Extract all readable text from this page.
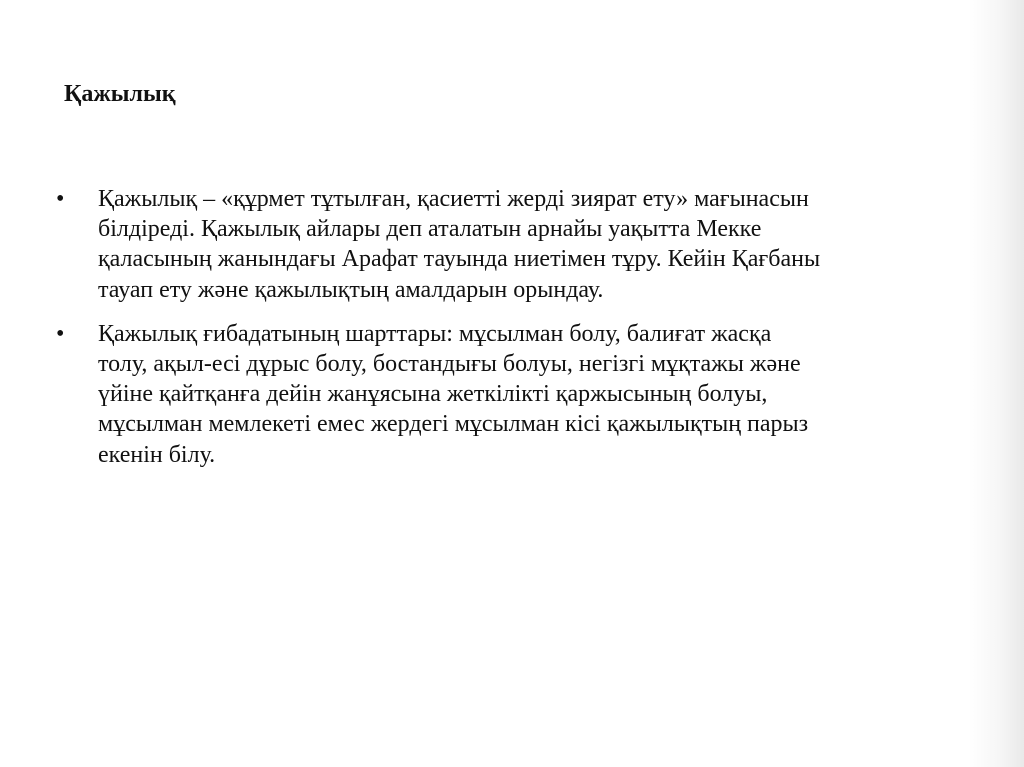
Қажылық
•	Қажылық – «құрмет тұтылған, қасиетті жерді зиярат ету» мағынасын
білдіреді. Қажылық айлары деп аталатын арнайы уақытта Мекке
қаласының жанындағы Арафат тауында ниетімен тұру. Кейін Қағбаны
тауап ету және қажылықтың амалдарын орындау.
•	Қажылық ғибадатының шарттары: мұсылман болу, балиғат жасқа
толу, ақыл-есі дұрыс болу, бостандығы болуы, негізгі мұқтажы және
үйіне қайтқанға дейін жанұясына жеткілікті қаржысының болуы,
мұсылман мемлекеті емес жердегі мұсылман кісі қажылықтың парыз
екенін білу.
